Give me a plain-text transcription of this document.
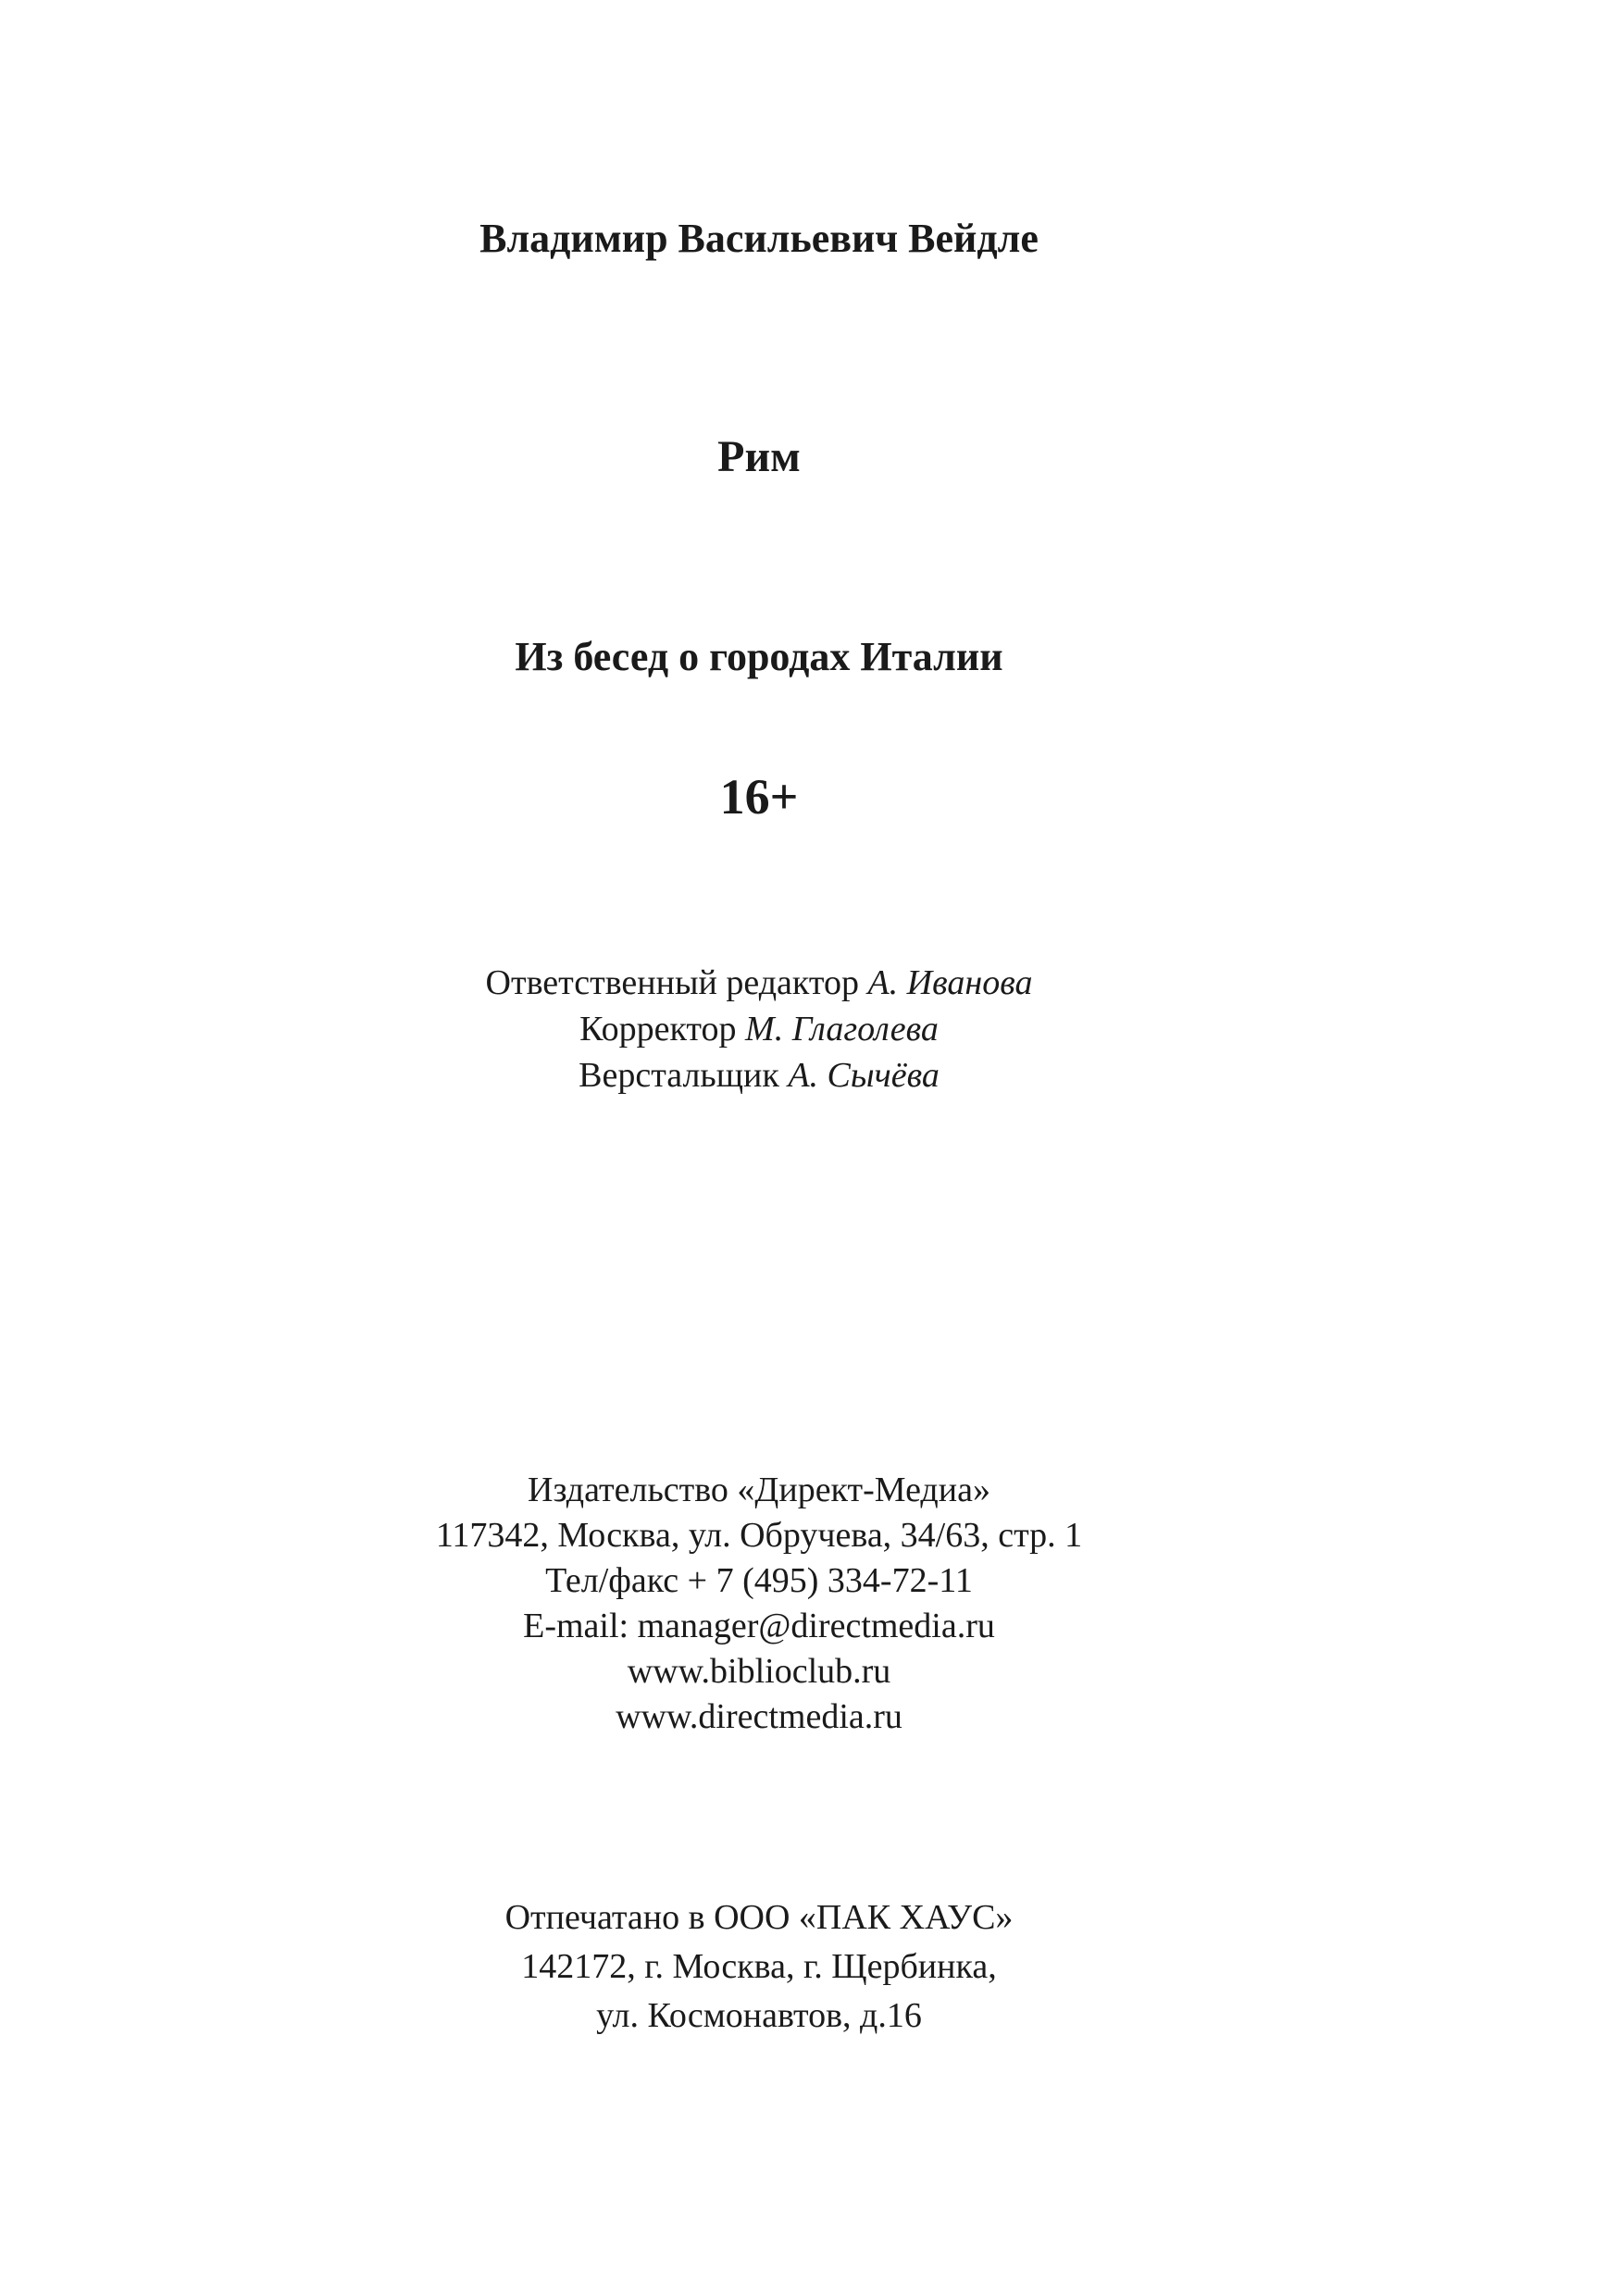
Владимир Васильевич Вейдле
Рим
Из бесед о городах Италии
16+
Ответственный редактор А. Иванова
Корректор М. Глаголева
Верстальщик А. Сычёва
Издательство «Директ-Медиа»
117342, Москва, ул. Обручева, 34/63, стр. 1
Тел/факс + 7 (495) 334-72-11
E-mail: manager@directmedia.ru
www.biblioclub.ru
www.directmedia.ru
Отпечатано в ООО «ПАК ХАУС»
142172, г. Москва, г. Щербинка,
ул. Космонавтов, д.16
